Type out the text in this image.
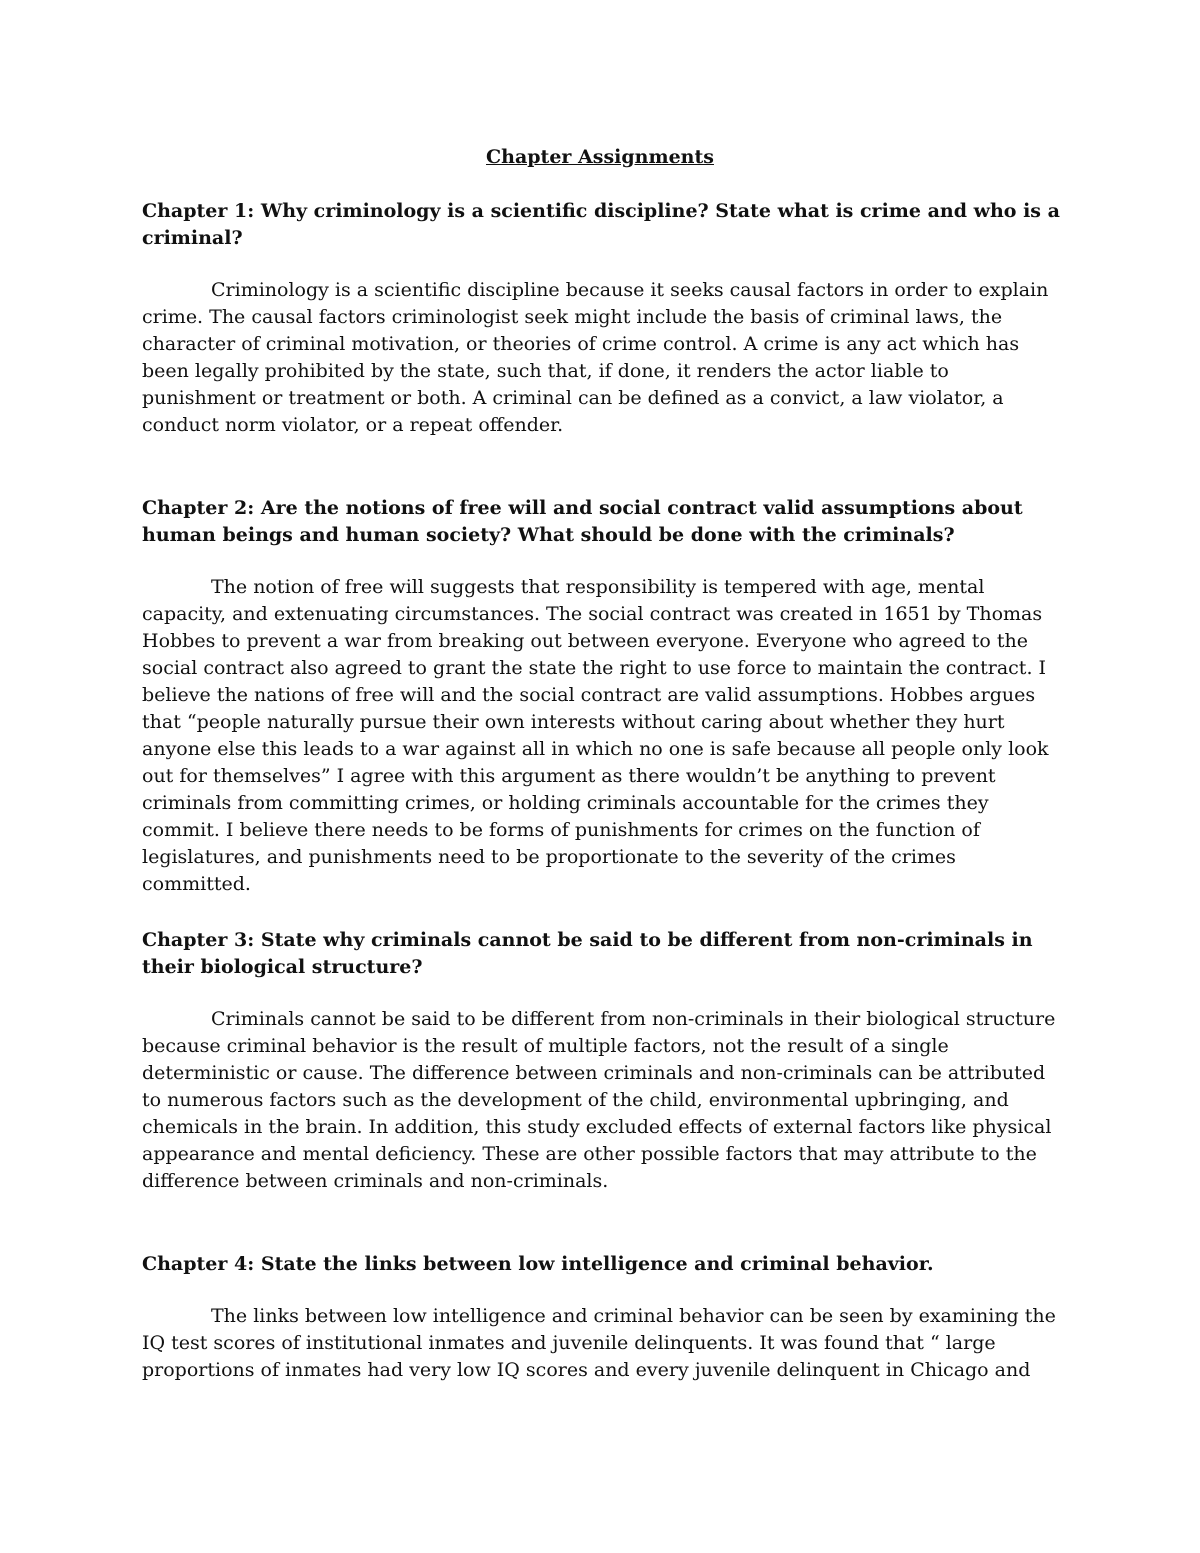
Chapter Assignments

Chapter 1: Why criminology is a scientific discipline? State what is crime and who is a criminal?

Criminology is a scientific discipline because it seeks causal factors in order to explain crime. The causal factors criminologist seek might include the basis of criminal laws, the character of criminal motivation, or theories of crime control. A crime is any act which has been legally prohibited by the state, such that, if done, it renders the actor liable to punishment or treatment or both. A criminal can be defined as a convict, a law violator, a conduct norm violator, or a repeat offender.

Chapter 2: Are the notions of free will and social contract valid assumptions about human beings and human society? What should be done with the criminals?

The notion of free will suggests that responsibility is tempered with age, mental capacity, and extenuating circumstances. The social contract was created in 1651 by Thomas Hobbes to prevent a war from breaking out between everyone. Everyone who agreed to the social contract also agreed to grant the state the right to use force to maintain the contract. I believe the nations of free will and the social contract are valid assumptions. Hobbes argues that “people naturally pursue their own interests without caring about whether they hurt anyone else this leads to a war against all in which no one is safe because all people only look out for themselves” I agree with this argument as there wouldn’t be anything to prevent criminals from committing crimes, or holding criminals accountable for the crimes they commit. I believe there needs to be forms of punishments for crimes on the function of legislatures, and punishments need to be proportionate to the severity of the crimes committed.

Chapter 3: State why criminals cannot be said to be different from non-criminals in their biological structure?

Criminals cannot be said to be different from non-criminals in their biological structure because criminal behavior is the result of multiple factors, not the result of a single deterministic or cause. The difference between criminals and non-criminals can be attributed to numerous factors such as the development of the child, environmental upbringing, and chemicals in the brain. In addition, this study excluded effects of external factors like physical appearance and mental deficiency. These are other possible factors that may attribute to the difference between criminals and non-criminals.

Chapter 4: State the links between low intelligence and criminal behavior.

The links between low intelligence and criminal behavior can be seen by examining the IQ test scores of institutional inmates and juvenile delinquents. It was found that “ large proportions of inmates had very low IQ scores and every juvenile delinquent in Chicago and
